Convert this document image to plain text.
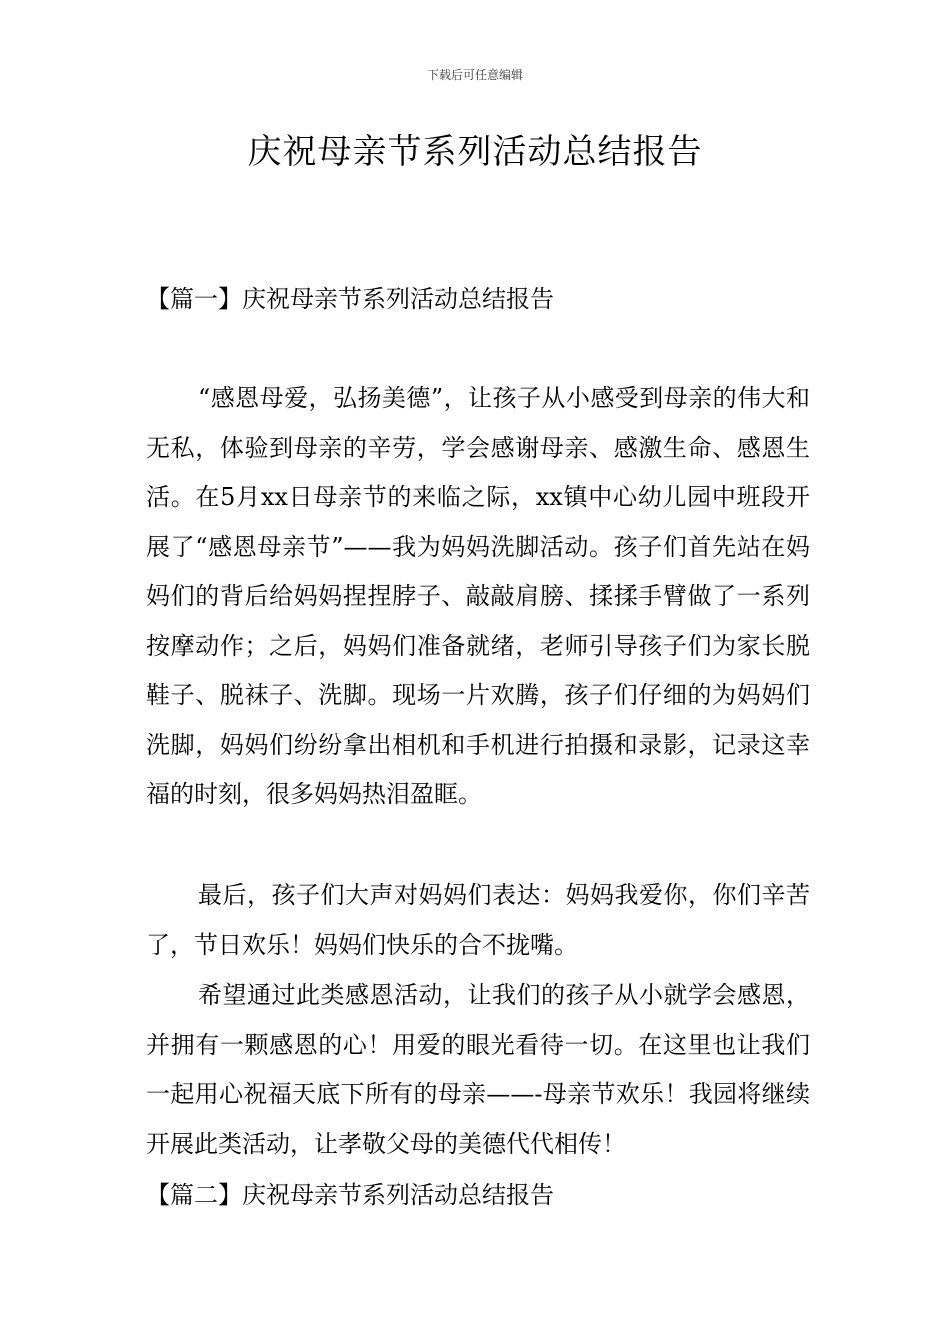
下载后可任意编辑
庆祝母亲节系列活动总结报告
【篇一】庆祝母亲节系列活动总结报告

“感恩母爱，弘扬美德”，让孩子从小感受到母亲的伟大和无私，体验到母亲的辛劳，学会感谢母亲、感激生命、感恩生活。在5月xx日母亲节的来临之际，xx镇中心幼儿园中班段开展了“感恩母亲节”——我为妈妈洗脚活动。孩子们首先站在妈妈们的背后给妈妈捏捏脖子、敲敲肩膀、揉揉手臂做了一系列按摩动作；之后，妈妈们准备就绪，老师引导孩子们为家长脱鞋子、脱袜子、洗脚。现场一片欢腾，孩子们仔细的为妈妈们洗脚，妈妈们纷纷拿出相机和手机进行拍摄和录影，记录这幸福的时刻，很多妈妈热泪盈眶。

最后，孩子们大声对妈妈们表达：妈妈我爱你，你们辛苦了，节日欢乐！妈妈们快乐的合不拢嘴。

希望通过此类感恩活动，让我们的孩子从小就学会感恩，并拥有一颗感恩的心！用爱的眼光看待一切。在这里也让我们一起用心祝福天底下所有的母亲——-母亲节欢乐！我园将继续开展此类活动，让孝敬父母的美德代代相传！

【篇二】庆祝母亲节系列活动总结报告
